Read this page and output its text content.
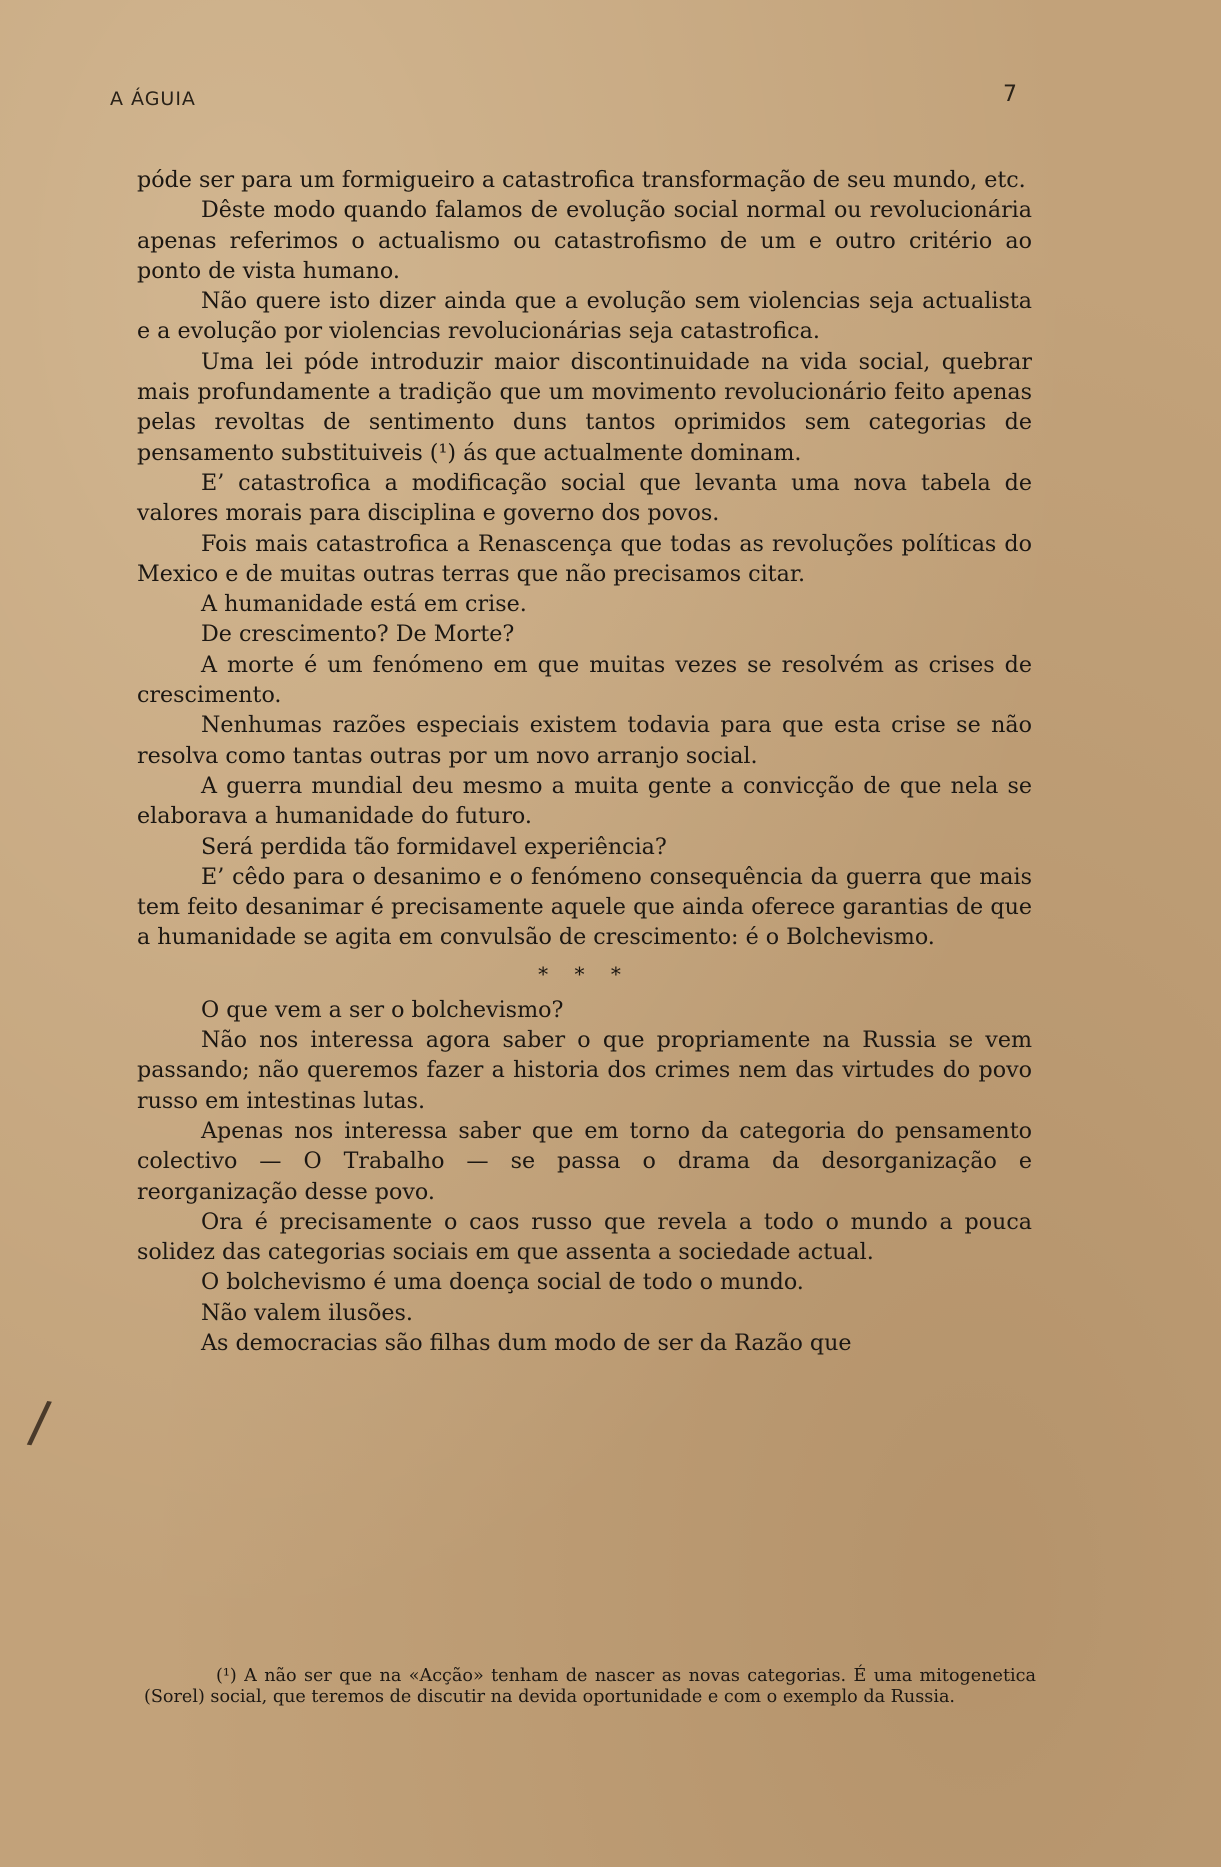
A ÁGUIA	7

póde ser para um formigueiro a catastrofica transformação de seu mundo, etc.

Dêste modo quando falamos de evolução social normal ou revolucionária apenas referimos o actualismo ou catastrofismo de um e outro critério ao ponto de vista humano.

Não quere isto dizer ainda que a evolução sem violencias seja actualista e a evolução por violencias revolucionárias seja catastrofica.

Uma lei póde introduzir maior discontinuidade na vida social, quebrar mais profundamente a tradição que um movimento revolucionário feito apenas pelas revoltas de sentimento duns tantos oprimidos sem categorias de pensamento substituiveis (¹) ás que actualmente dominam.

E’ catastrofica a modificação social que levanta uma nova tabela de valores morais para disciplina e governo dos povos.

Fois mais catastrofica a Renascença que todas as revoluções políticas do Mexico e de muitas outras terras que não precisamos citar.

A humanidade está em crise.

De crescimento? De Morte?

A morte é um fenómeno em que muitas vezes se resolvém as crises de crescimento.

Nenhumas razões especiais existem todavia para que esta crise se não resolva como tantas outras por um novo arranjo social.

A guerra mundial deu mesmo a muita gente a convicção de que nela se elaborava a humanidade do futuro.

Será perdida tão formidavel experiência?

E’ cêdo para o desanimo e o fenómeno consequência da guerra que mais tem feito desanimar é precisamente aquele que ainda oferece garantias de que a humanidade se agita em convulsão de crescimento: é o Bolchevismo.

* * *

O que vem a ser o bolchevismo?

Não nos interessa agora saber o que propriamente na Russia se vem passando; não queremos fazer a historia dos crimes nem das virtudes do povo russo em intestinas lutas.

Apenas nos interessa saber que em torno da categoria do pensamento colectivo — O Trabalho — se passa o drama da desorganização e reorganização desse povo.

Ora é precisamente o caos russo que revela a todo o mundo a pouca solidez das categorias sociais em que assenta a sociedade actual.

O bolchevismo é uma doença social de todo o mundo.

Não valem ilusões.

As democracias são filhas dum modo de ser da Razão que

(¹) A não ser que na «Acção» tenham de nascer as novas categorias. É uma mitogenetica (Sorel) social, que teremos de discutir na devida oportunidade e com o exemplo da Russia.

/
